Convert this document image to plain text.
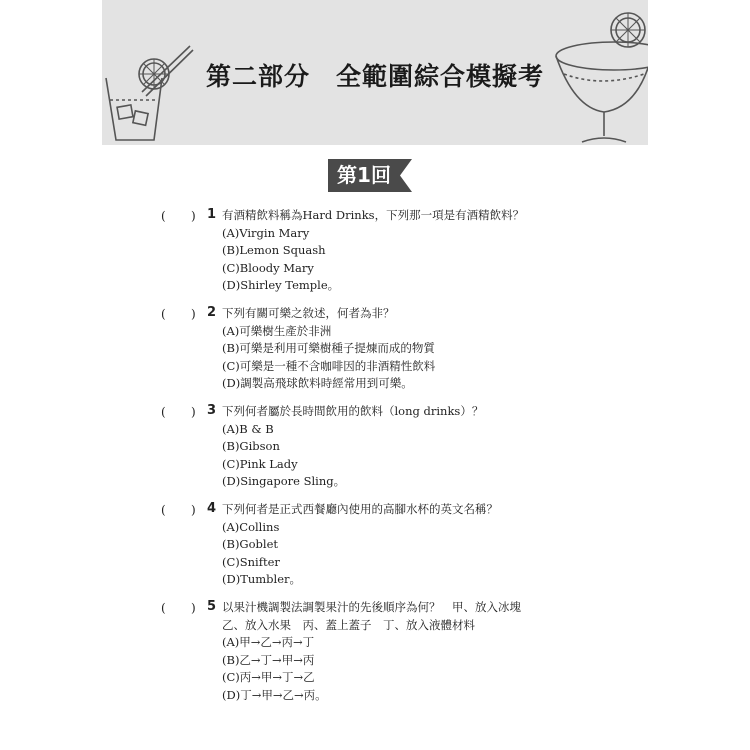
第二部分　全範圍綜合模擬考
第1回
( ) 1 有酒精飲料稱為Hard Drinks，下列那一項是有酒精飲料？
(A)Virgin Mary
(B)Lemon Squash
(C)Bloody Mary
(D)Shirley Temple。
( ) 2 下列有關可樂之敘述，何者為非？
(A)可樂樹生產於非洲
(B)可樂是利用可樂樹種子提煉而成的物質
(C)可樂是一種不含咖啡因的非酒精性飲料
(D)調製高飛球飲料時經常用到可樂。
( ) 3 下列何者屬於長時間飲用的飲料（long drinks）？
(A)B & B
(B)Gibson
(C)Pink Lady
(D)Singapore Sling。
( ) 4 下列何者是正式西餐廳內使用的高腳水杯的英文名稱？
(A)Collins
(B)Goblet
(C)Snifter
(D)Tumbler。
( ) 5 以果汁機調製法調製果汁的先後順序為何？　甲、放入冰塊
乙、放入水果　丙、蓋上蓋子　丁、放入液體材料
(A)甲→乙→丙→丁
(B)乙→丁→甲→丙
(C)丙→甲→丁→乙
(D)丁→甲→乙→丙。
